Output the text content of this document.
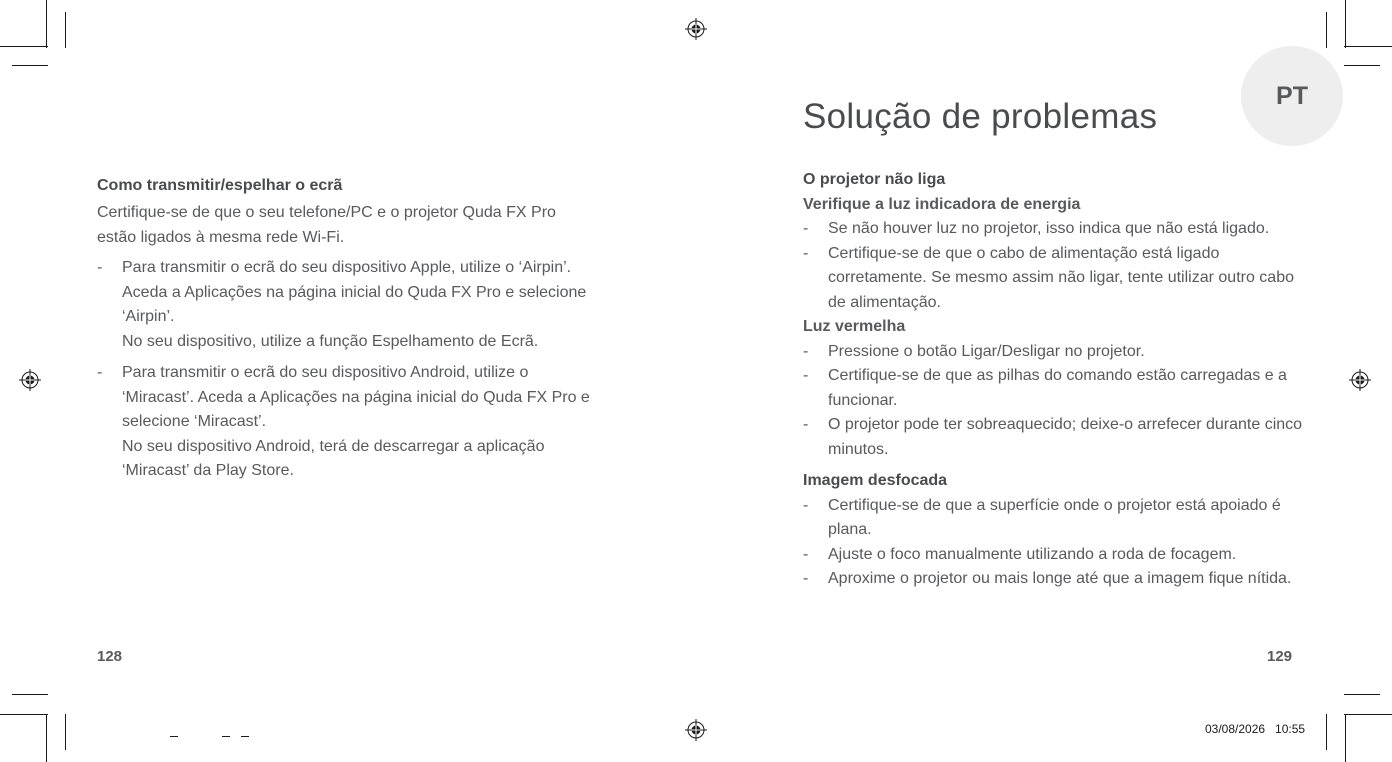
Como transmitir/espelhar o ecrã
Certifique-se de que o seu telefone/PC e o projetor Quda FX Pro estão ligados à mesma rede Wi-Fi.
- Para transmitir o ecrã do seu dispositivo Apple, utilize o ‘Airpin’. Aceda a Aplicações na página inicial do Quda FX Pro e selecione ‘Airpin’.
No seu dispositivo, utilize a função Espelhamento de Ecrã.
- Para transmitir o ecrã do seu dispositivo Android, utilize o ‘Miracast’. Aceda a Aplicações na página inicial do Quda FX Pro e selecione ‘Miracast’.
No seu dispositivo Android, terá de descarregar a aplicação ‘Miracast’ da Play Store.
128
PT
Solução de problemas
O projetor não liga
Verifique a luz indicadora de energia
- Se não houver luz no projetor, isso indica que não está ligado.
- Certifique-se de que o cabo de alimentação está ligado corretamente. Se mesmo assim não ligar, tente utilizar outro cabo de alimentação.
Luz vermelha
- Pressione o botão Ligar/Desligar no projetor.
- Certifique-se de que as pilhas do comando estão carregadas e a funcionar.
- O projetor pode ter sobreaquecido; deixe-o arrefecer durante cinco minutos.
Imagem desfocada
- Certifique-se de que a superfície onde o projetor está apoiado é plana.
- Ajuste o foco manualmente utilizando a roda de focagem.
- Aproxime o projetor ou mais longe até que a imagem fique nítida.
129
03/08/2026   10:55
